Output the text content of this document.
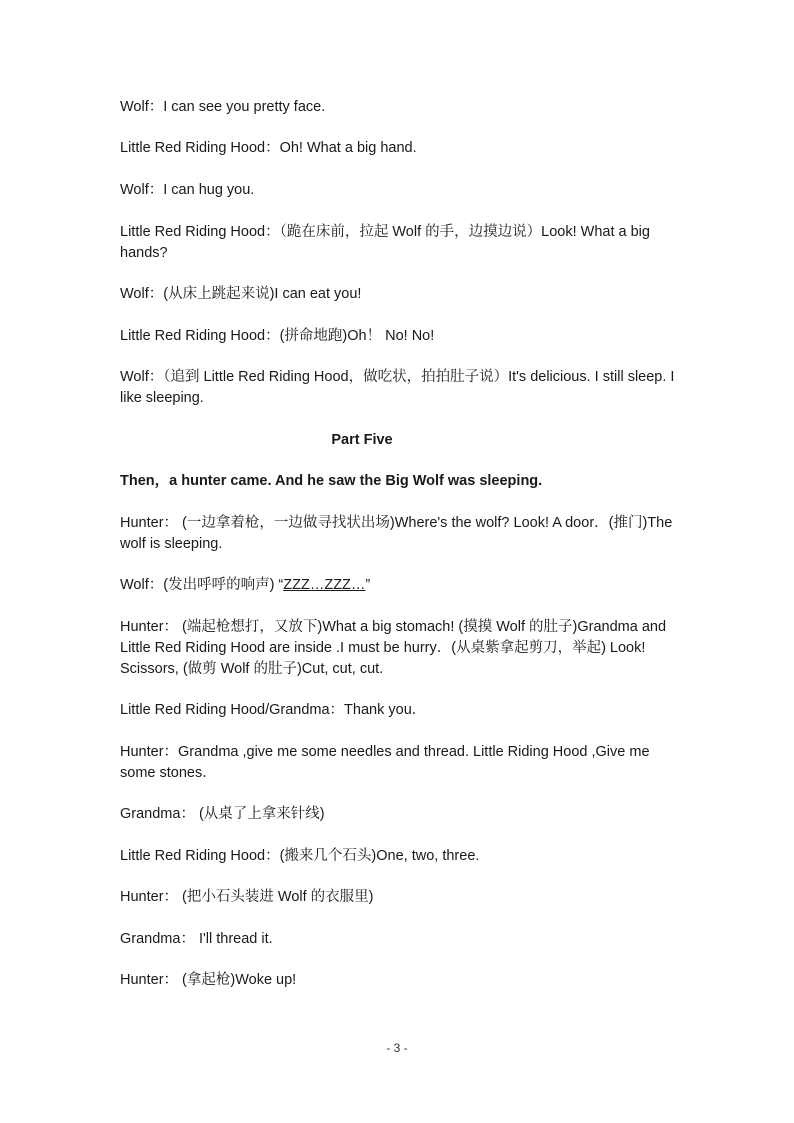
Wolf：I can see you pretty face.

Little Red Riding Hood：Oh! What a big hand.

Wolf：I can hug you.

Little Red Riding Hood：（跪在床前，拉起 Wolf 的手，边摸边说）Look! What a big hands?

Wolf：(从床上跳起来说)I can eat you!

Little Red Riding Hood：(拼命地跑)Oh！ No! No!

Wolf：（追到 Little Red Riding Hood，做吃状，拍拍肚子说）It's delicious. I still sleep. I like sleeping.

Part Five

Then，a hunter came. And he saw the Big Wolf was sleeping.

Hunter： (一边拿着枪，一边做寻找状出场)Where's the wolf? Look! A door．(推门)The wolf is sleeping.

Wolf：(发出呼呼的响声) “ZZZ…ZZZ…”

Hunter： (端起枪想打，又放下)What a big stomach! (摸摸 Wolf 的肚子)Grandma and Little Red Riding Hood are inside .I must be hurry．(从桌紫拿起剪刀，举起) Look! Scissors, (做剪 Wolf 的肚子)Cut, cut, cut.

Little Red Riding Hood/Grandma：Thank you．

Hunter：Grandma ,give me some needles and thread. Little Riding Hood ,Give me some stones．

Grandma： (从桌了上拿来针线)

Little Red Riding Hood：(搬来几个石头)One, two, three.

Hunter： (把小石头装进 Wolf 的衣服里)

Grandma： I'll thread it.

Hunter： (拿起枪)Woke up!

- 3 -
